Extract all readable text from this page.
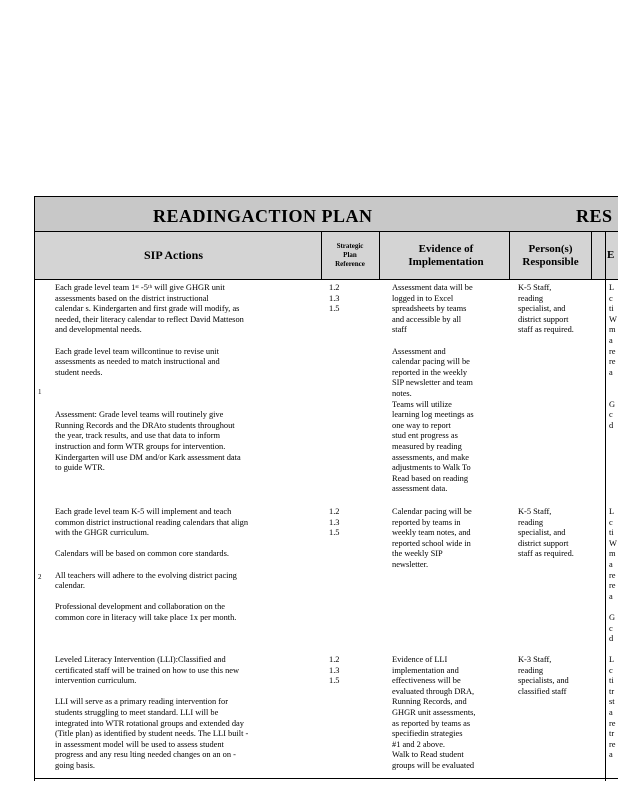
READINGACTION PLAN	RES
SIP Actions
Strategic
Plan
Reference
Evidence of
Implementation
Person(s)
Responsible
E
1
2
Each grade level team 1ˢᵗ -5ᵗʰ will give GHGR unit
assessments based on the district instructional
calendar s. Kindergarten and first grade will modify, as
needed, their literacy calendar to reflect David Matteson
and developmental needs.
Each grade level team willcontinue to revise unit
assessments as needed to match instructional and
student needs.
Assessment: Grade level teams will routinely give
Running Records and the DRAto students throughout
the year, track results, and use that data to inform
instruction and form WTR groups for intervention.
Kindergarten will use DM and/or Kark assessment data
to guide WTR.
1.2
1.3
1.5
Assessment data will be
logged in to Excel
spreadsheets by teams
and accessible by all
staff
Assessment and
calendar pacing will be
reported in the weekly
SIP newsletter and team
notes.
Teams will utilize
learning log meetings as
one way to report
stud ent progress as
measured by reading
assessments, and make
adjustments to Walk To
Read based on reading
assessment data.
K-5 Staff,
reading
specialist, and
district support
staff as required.
L
c
ti
W
m
a
re
re
a
G
c
d
Each grade level team K-5 will implement and teach
common district instructional reading calendars that align
with the GHGR curriculum.
Calendars will be based on common core standards.
All teachers will adhere to the evolving district pacing
calendar.
Professional development and collaboration on the
common core in literacy will take place 1x per month.
1.2
1.3
1.5
Calendar pacing will be
reported by teams in
weekly team notes, and
reported school wide in
the weekly SIP
newsletter.
K-5 Staff,
reading
specialist, and
district support
staff as required.
L
c
ti
W
m
a
re
re
a
G
c
d
Leveled Literacy Intervention (LLI):Classified and
certificated staff will be trained on how to use this new
intervention curriculum.
LLI will serve as a primary reading intervention for
students struggling to meet standard. LLI will be
integrated into WTR rotational groups and extended day
(Title plan) as identified by student needs. The LLI built -
in assessment model will be used to assess student
progress and any resu lting needed changes on an on -
going basis.
1.2
1.3
1.5
Evidence of LLI
implementation and
effectiveness will be
evaluated through DRA,
Running Records, and
GHGR unit assessments,
as reported by teams as
specifiedin strategies
#1 and 2 above.
Walk to Read student
groups will be evaluated
K-3 Staff,
reading
specialists, and
classified staff
L
c
ti
tr
st
a
re
tr
re
a
